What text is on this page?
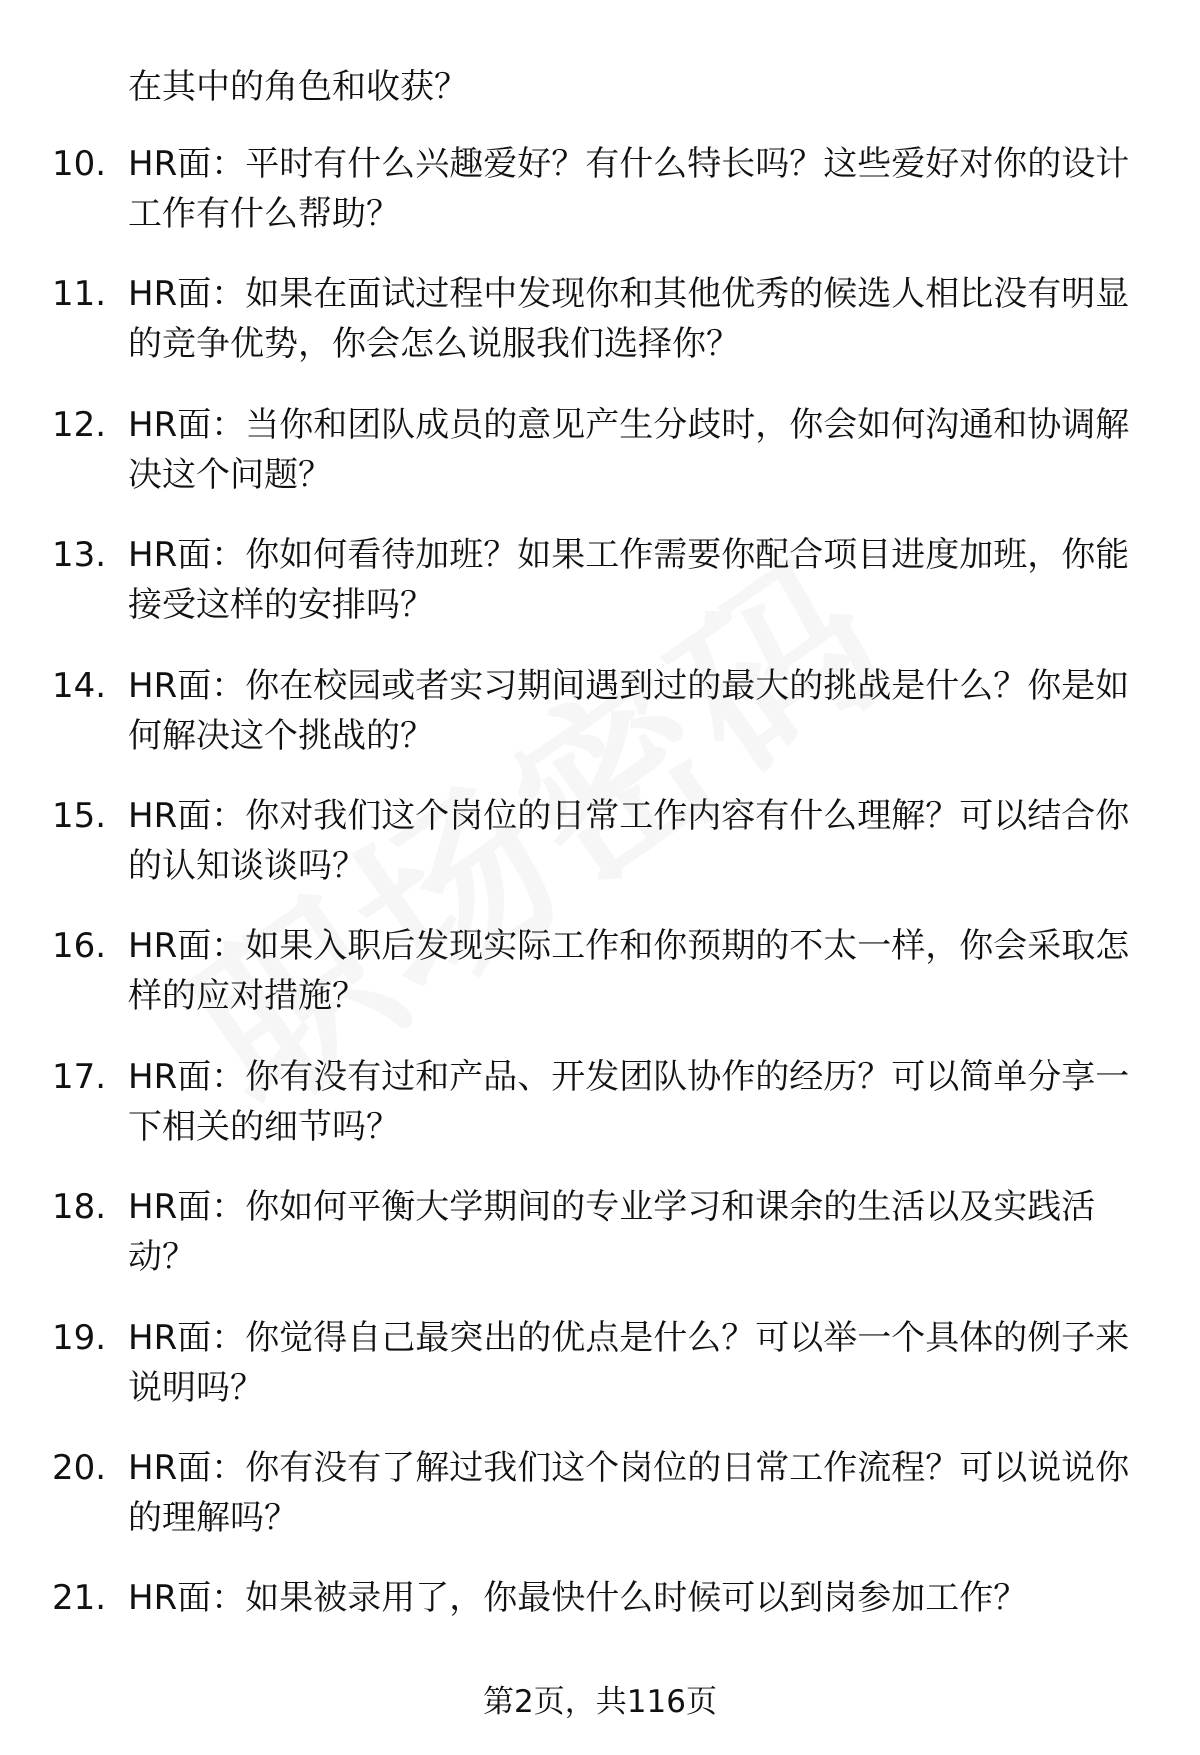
在其中的角色和收获？
10. HR面：平时有什么兴趣爱好？有什么特长吗？这些爱好对你的设计工作有什么帮助？
11. HR面：如果在面试过程中发现你和其他优秀的候选人相比没有明显的竞争优势，你会怎么说服我们选择你？
12. HR面：当你和团队成员的意见产生分歧时，你会如何沟通和协调解决这个问题？
13. HR面：你如何看待加班？如果工作需要你配合项目进度加班，你能接受这样的安排吗？
14. HR面：你在校园或者实习期间遇到过的最大的挑战是什么？你是如何解决这个挑战的？
15. HR面：你对我们这个岗位的日常工作内容有什么理解？可以结合你的认知谈谈吗？
16. HR面：如果入职后发现实际工作和你预期的不太一样，你会采取怎样的应对措施？
17. HR面：你有没有过和产品、开发团队协作的经历？可以简单分享一下相关的细节吗？
18. HR面：你如何平衡大学期间的专业学习和课余的生活以及实践活动？
19. HR面：你觉得自己最突出的优点是什么？可以举一个具体的例子来说明吗？
20. HR面：你有没有了解过我们这个岗位的日常工作流程？可以说说你的理解吗？
21. HR面：如果被录用了，你最快什么时候可以到岗参加工作？
第2页，共116页
